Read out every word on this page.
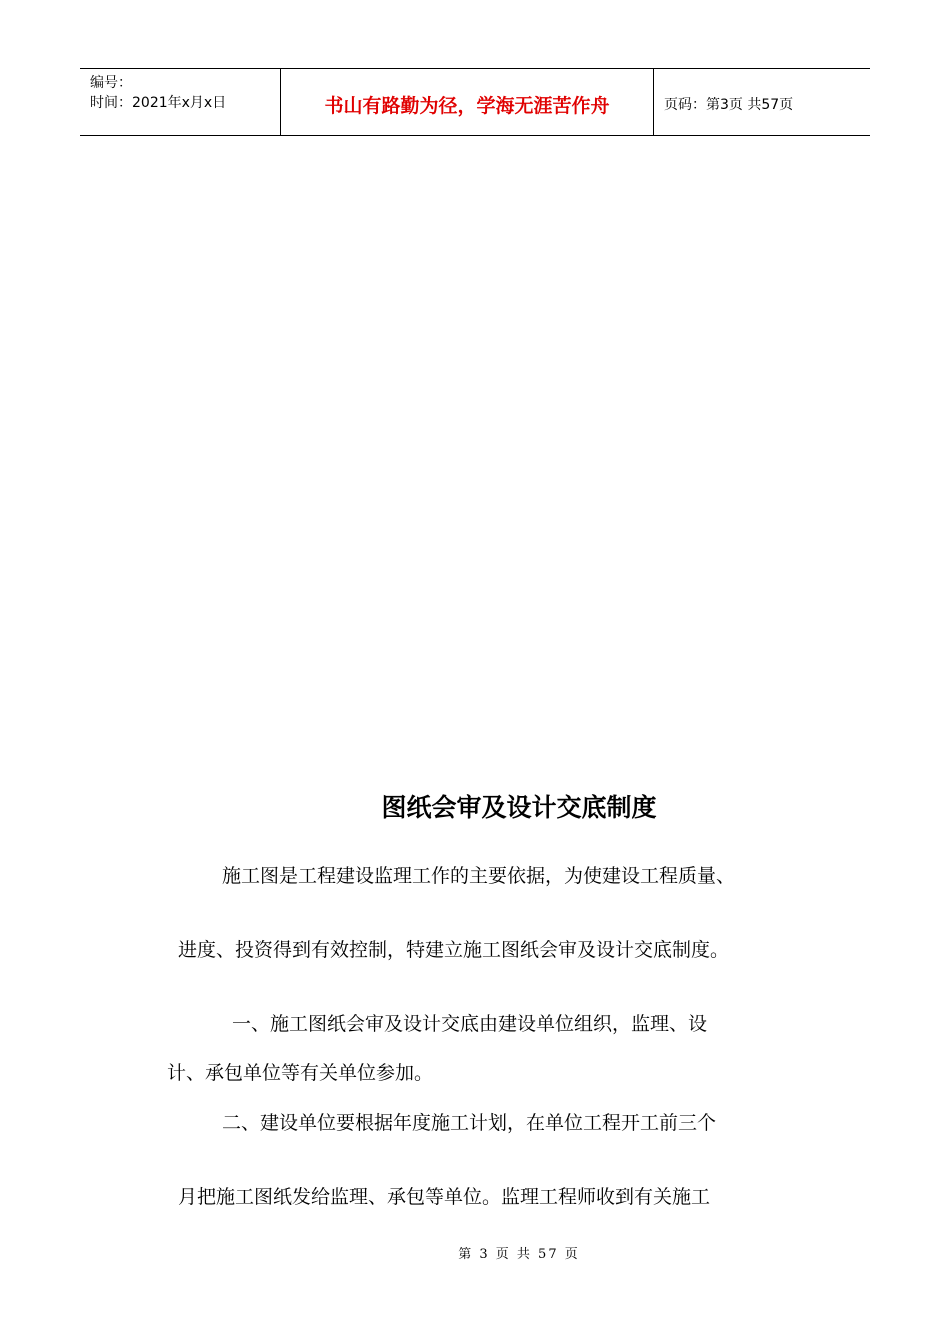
编号：
时间：2021年x月x日	书山有路勤为径，学海无涯苦作舟	页码：第3页 共57页
图纸会审及设计交底制度

施工图是工程建设监理工作的主要依据，为使建设工程质量、

进度、投资得到有效控制，特建立施工图纸会审及设计交底制度。

一、施工图纸会审及设计交底由建设单位组织，监理、设

计、承包单位等有关单位参加。

二、建设单位要根据年度施工计划，在单位工程开工前三个

月把施工图纸发给监理、承包等单位。监理工程师收到有关施工

第 3 页 共 57 页
